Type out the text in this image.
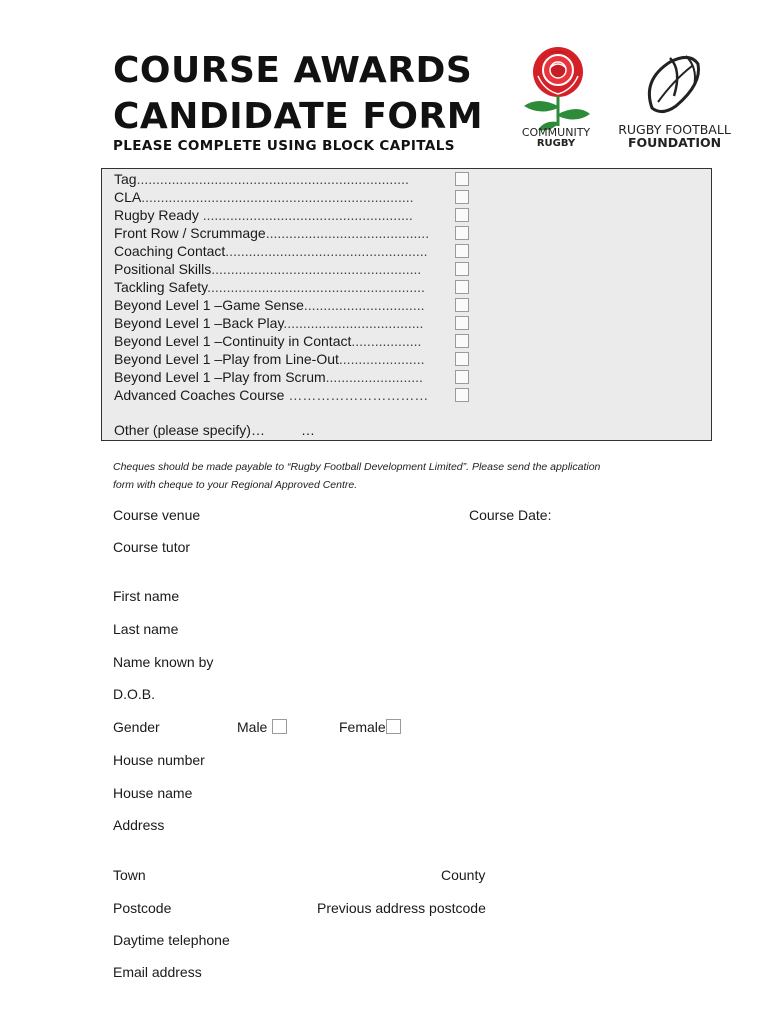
COURSE AWARDS
CANDIDATE FORM
PLEASE COMPLETE USING BLOCK CAPITALS
COMMUNITY
RUGBY
RUGBY FOOTBALL
FOUNDATION
Other (please specify)…	…
Tag......................................................................
CLA......................................................................
Rugby Ready ......................................................
Front Row / Scrummage..........................................
Coaching Contact....................................................
Positional Skills......................................................
Tackling Safety........................................................
Beyond Level 1 –Game Sense...............................
Beyond Level 1 –Back Play....................................
Beyond Level 1 –Continuity in Contact..................
Beyond Level 1 –Play from Line-Out......................
Beyond Level 1 –Play from Scrum.........................
Advanced Coaches Course …………………………
Cheques should be made payable to “Rugby Football Development Limited”. Please send the application
form with cheque to your Regional Approved Centre.
Course venue	Course Date:
Course tutor
First name
Last name
Name known by
D.O.B.
Gender	Male	Female
House number
House name
Address
Town	County
Postcode	Previous address postcode
Daytime telephone
Email address
